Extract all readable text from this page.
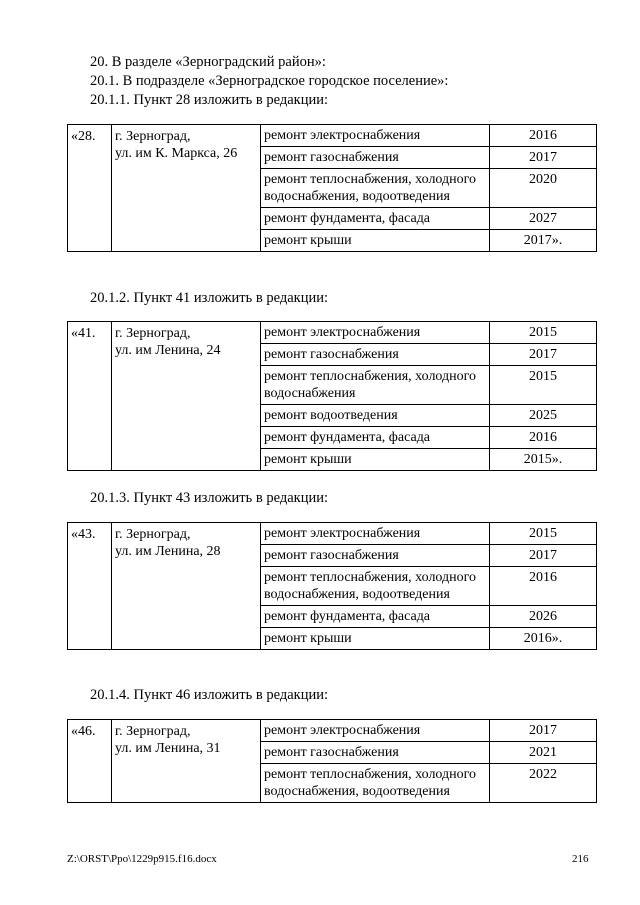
20. В разделе «Зерноградский район»:
20.1. В подразделе «Зерноградское городское поселение»:
20.1.1. Пункт 28 изложить в редакции:
«28.	г. Зерноград,
ул. им К. Маркса, 26	ремонт электроснабжения	2016
		ремонт газоснабжения	2017
		ремонт теплоснабжения, холодного водоснабжения, водоотведения	2020
		ремонт фундамента, фасада	2027
		ремонт крыши	2017».
20.1.2. Пункт 41 изложить в редакции:
«41.	г. Зерноград,
ул. им Ленина, 24	ремонт электроснабжения	2015
		ремонт газоснабжения	2017
		ремонт теплоснабжения, холодного водоснабжения	2015
		ремонт водоотведения	2025
		ремонт фундамента, фасада	2016
		ремонт крыши	2015».
20.1.3. Пункт 43 изложить в редакции:
«43.	г. Зерноград,
ул. им Ленина, 28	ремонт электроснабжения	2015
		ремонт газоснабжения	2017
		ремонт теплоснабжения, холодного водоснабжения, водоотведения	2016
		ремонт фундамента, фасада	2026
		ремонт крыши	2016».
20.1.4. Пункт 46 изложить в редакции:
«46.	г. Зерноград,
ул. им Ленина, 31	ремонт электроснабжения	2017
		ремонт газоснабжения	2021
		ремонт теплоснабжения, холодного водоснабжения, водоотведения	2022
Z:\ORST\Ppo\1229p915.f16.docx	216
